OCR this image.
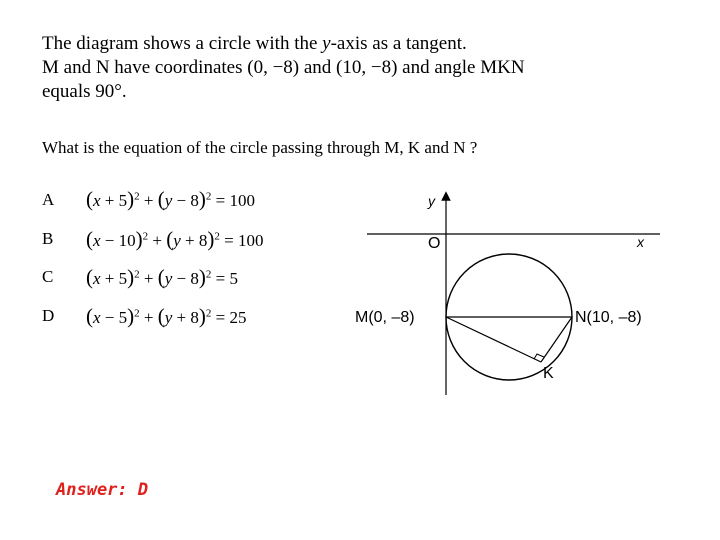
The diagram shows a circle with the y-axis as a tangent.

M and N have coordinates (0, −8) and (10, −8) and angle MKN

equals 90°.

What is the equation of the circle passing through M, K and N ?
A $(x + 5)^2 + (y - 8)^2 = 100$
B $(x - 10)^2 + (y + 8)^2 = 100$
C $(x + 5)^2 + (y - 8)^2 = 5$
D $(x - 5)^2 + (y + 8)^2 = 25$
y
x
O
M(0, –8)	N(10, –8)
K
Answer: D
